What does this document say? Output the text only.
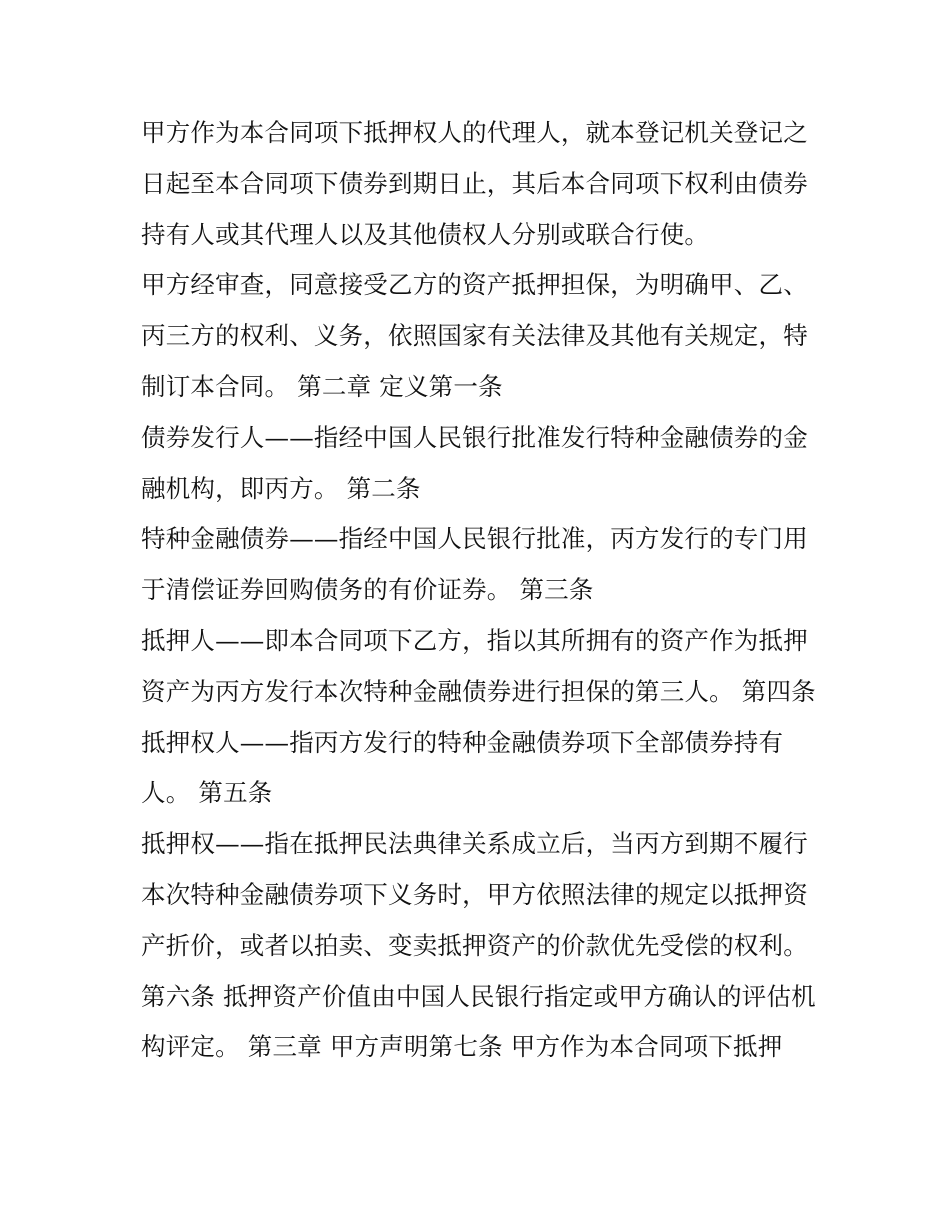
甲方作为本合同项下抵押权人的代理人，就本登记机关登记之日起至本合同项下债券到期日止，其后本合同项下权利由债券持有人或其代理人以及其他债权人分别或联合行使。

甲方经审查，同意接受乙方的资产抵押担保，为明确甲、乙、丙三方的权利、义务，依照国家有关法律及其他有关规定，特制订本合同。 第二章 定义第一条

债券发行人——指经中国人民银行批准发行特种金融债券的金融机构，即丙方。 第二条

特种金融债券——指经中国人民银行批准，丙方发行的专门用于清偿证券回购债务的有价证券。 第三条

抵押人——即本合同项下乙方，指以其所拥有的资产作为抵押资产为丙方发行本次特种金融债券进行担保的第三人。 第四条

抵押权人——指丙方发行的特种金融债券项下全部债券持有人。 第五条

抵押权——指在抵押民法典律关系成立后，当丙方到期不履行本次特种金融债券项下义务时，甲方依照法律的规定以抵押资产折价，或者以拍卖、变卖抵押资产的价款优先受偿的权利。

第六条 抵押资产价值由中国人民银行指定或甲方确认的评估机构评定。 第三章 甲方声明第七条 甲方作为本合同项下抵押
